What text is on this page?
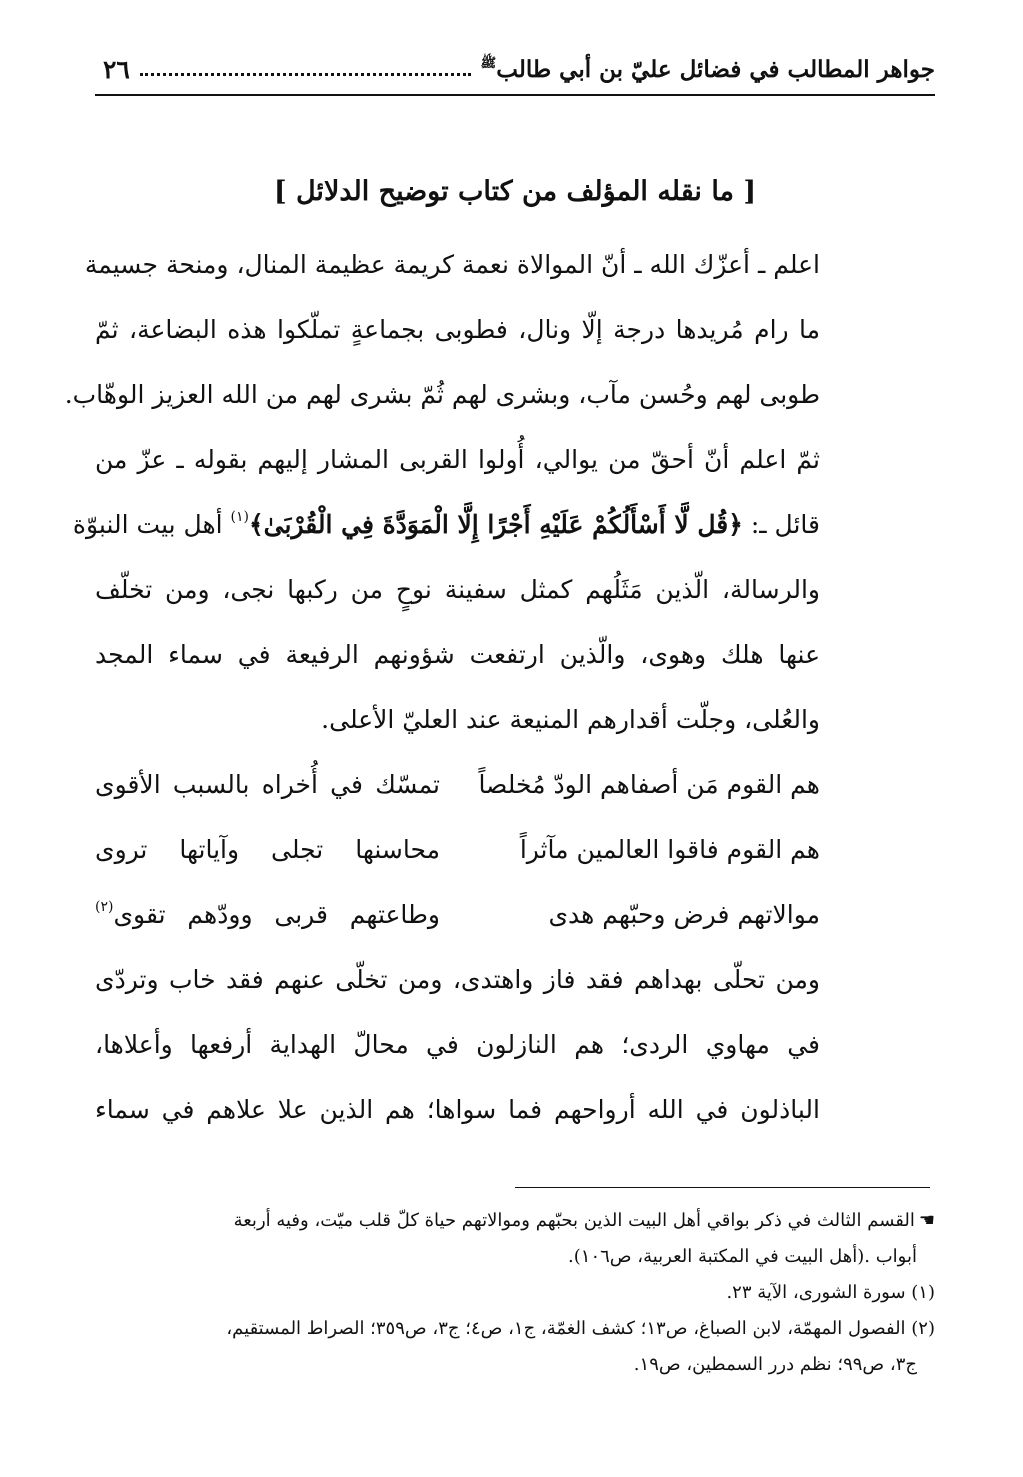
جواهر المطالب في فضائل عليّ بن أبي طالب$^ﷺ$
٢٦
[ ما نقله المؤلف من كتاب توضيح الدلائل ]
اعلم ـ أعزّك الله ـ أنّ الموالاة نعمة كريمة عظيمة المنال، ومنحة جسيمة
ما رام مُريدها درجة إلّا ونال، فطوبى بجماعةٍ تملّكوا هذه البضاعة، ثمّ
طوبى لهم وحُسن مآب، وبشرى لهم ثُمّ بشرى لهم من الله العزيز الوهّاب.
ثمّ اعلم أنّ أحقّ من يوالي، أُولوا القربى المشار إليهم بقوله ـ عزّ من
قائل ـ: ﴿قُل لَّا أَسْأَلُكُمْ عَلَيْهِ أَجْرًا إِلَّا الْمَوَدَّةَ فِي الْقُرْبَىٰ﴾$^{(١)}$ أهل بيت النبوّة
والرسالة، الّذين مَثَلُهم كمثل سفينة نوحٍ من ركبها نجى، ومن تخلّف
عنها هلك وهوى، والّذين ارتفعت شؤونهم الرفيعة في سماء المجد
والعُلى، وجلّت أقدارهم المنيعة عند العليّ الأعلى.
هم القوم مَن أصفاهم الودّ مُخلصاً
تمسّك في أُخراه بالسبب الأقوى
هم القوم فاقوا العالمين مآثراً
محاسنها تجلى وآياتها تروى
موالاتهم فرض وحبّهم هدى
وطاعتهم قربى وودّهم تقوى$^{(٢)}$
ومن تحلّى بهداهم فقد فاز واهتدى، ومن تخلّى عنهم فقد خاب وتردّى
في مهاوي الردى؛ هم النازلون في محالّ الهداية أرفعها وأعلاها،
الباذلون في الله أرواحهم فما سواها؛ هم الذين علا علاهم في سماء
☚القسم الثالث في ذكر بواقي أهل البيت الذين بحبّهم وموالاتهم حياة كلّ قلب ميّت، وفيه أربعة
أبواب .(أهل البيت في المكتبة العربية، ص١٠٦).
(١) سورة الشورى، الآية ٢٣.
(٢) الفصول المهمّة، لابن الصباغ، ص١٣؛ كشف الغمّة، ج١، ص٤؛ ج٣، ص٣٥٩؛ الصراط المستقيم،
ج٣، ص٩٩؛ نظم درر السمطين، ص١٩.
